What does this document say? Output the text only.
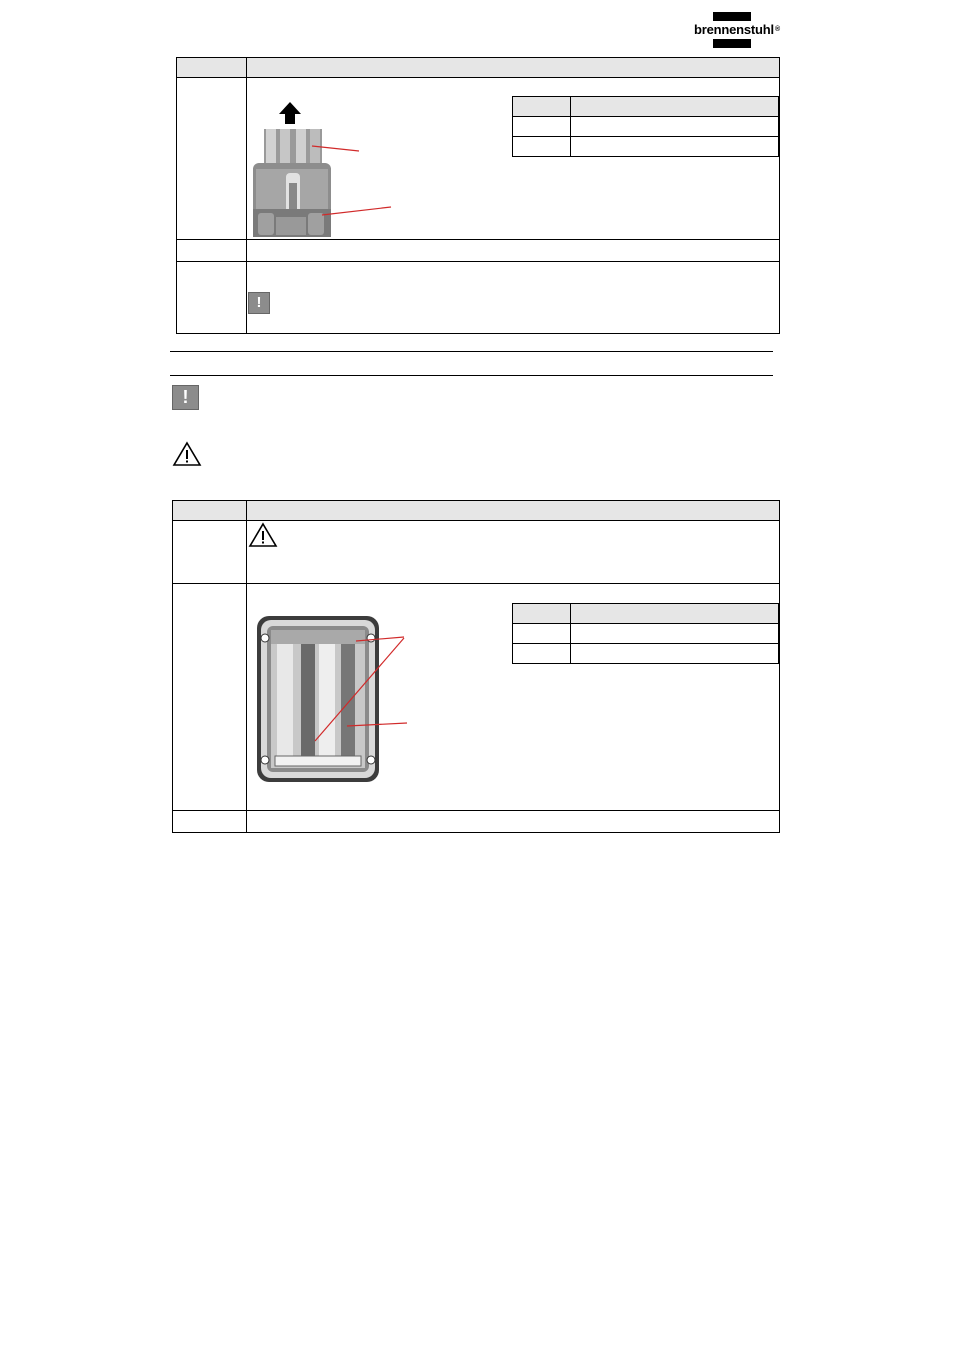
brennenstuhl®

!
!
